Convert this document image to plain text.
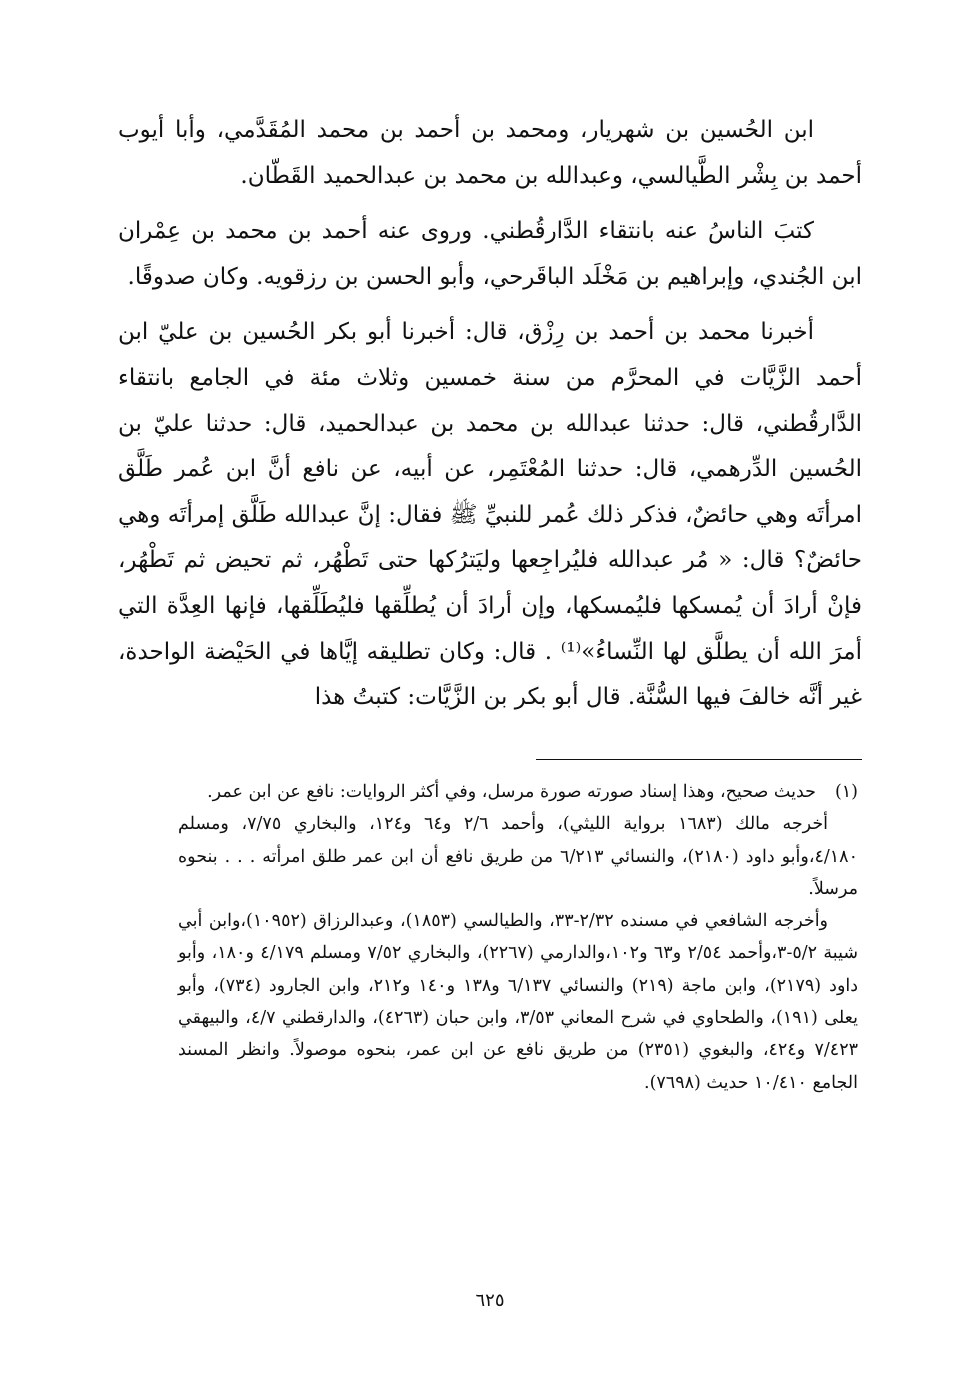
ابن الحُسين بن شهريار، ومحمد بن أحمد بن محمد المُقَدَّمي، وأبا أيوب أحمد بن بِشْر الطَّيالسي، وعبدالله بن محمد بن عبدالحميد القَطّان.

كتبَ الناسُ عنه بانتقاء الدَّارقُطني. وروى عنه أحمد بن محمد بن عِمْران ابن الجُندي، وإبراهيم بن مَخْلَد الباقَرحي، وأبو الحسن بن رزقويه. وكان صدوقًا.

أخبرنا محمد بن أحمد بن رِزْق، قال: أخبرنا أبو بكر الحُسين بن عليّ ابن أحمد الزَّيَّات في المحرَّم من سنة خمسين وثلاث مئة في الجامع بانتقاء الدَّارقُطني، قال: حدثنا عبدالله بن محمد بن عبدالحميد، قال: حدثنا عليّ بن الحُسين الدِّرهمي، قال: حدثنا المُعْتَمِر، عن أبيه، عن نافع أنَّ ابن عُمر طَلَّق امرأتَه وهي حائضٌ، فذكر ذلك عُمر للنبيِّ ﷺ فقال: إنَّ عبدالله طَلَّق إمرأتَه وهي حائضٌ؟ قال: « مُر عبدالله فليُراجِعها وليَترُكها حتى تَطْهُر، ثم تحيض ثم تَطْهُر، فإنْ أرادَ أن يُمسكها فليُمسكها، وإن أرادَ أن يُطلِّقها فليُطَلِّقها، فإنها العِدَّة التي أمرَ الله أن يطلَّق لها النِّساءُ»⁽¹⁾ . قال: وكان تطليقه إيَّاها في الحَيْضة الواحدة، غير أنَّه خالفَ فيها السُّنَّة. قال أبو بكر بن الزَّيَّات: كتبتُ هذا

(١)
حديث صحيح، وهذا إسناد صورته صورة مرسل، وفي أكثر الروايات: نافع عن ابن عمر.

أخرجه مالك (١٦٨٣ برواية الليثي)، وأحمد ٢/٦ و٦٤ و١٢٤، والبخاري ٧/٧٥، ومسلم ٤/١٨٠،وأبو داود (٢١٨٠)، والنسائي ٦/٢١٣ من طريق نافع أن ابن عمر طلق امرأته . . . بنحوه مرسلاً.

وأخرجه الشافعي في مسنده ٢/٣٢-٣٣، والطيالسي (١٨٥٣)، وعبدالرزاق (١٠٩٥٢)،وابن أبي شيبة ٥/٢-٣،وأحمد ٢/٥٤ و٦٣ و١٠٢،والدارمي (٢٢٦٧)، والبخاري ٧/٥٢ ومسلم ٤/١٧٩ و١٨٠، وأبو داود (٢١٧٩)، وابن ماجة (٢١٩) والنسائي ٦/١٣٧ و١٣٨ و١٤٠ و٢١٢، وابن الجارود (٧٣٤)، وأبو يعلى (١٩١)، والطحاوي في شرح المعاني ٣/٥٣، وابن حبان (٤٢٦٣)، والدارقطني ٤/٧، والبيهقي ٧/٤٢٣ و٤٢٤، والبغوي (٢٣٥١) من طريق نافع عن ابن عمر، بنحوه موصولاً. وانظر المسند الجامع ١٠/٤١٠ حديث (٧٦٩٨).

٦٢٥
